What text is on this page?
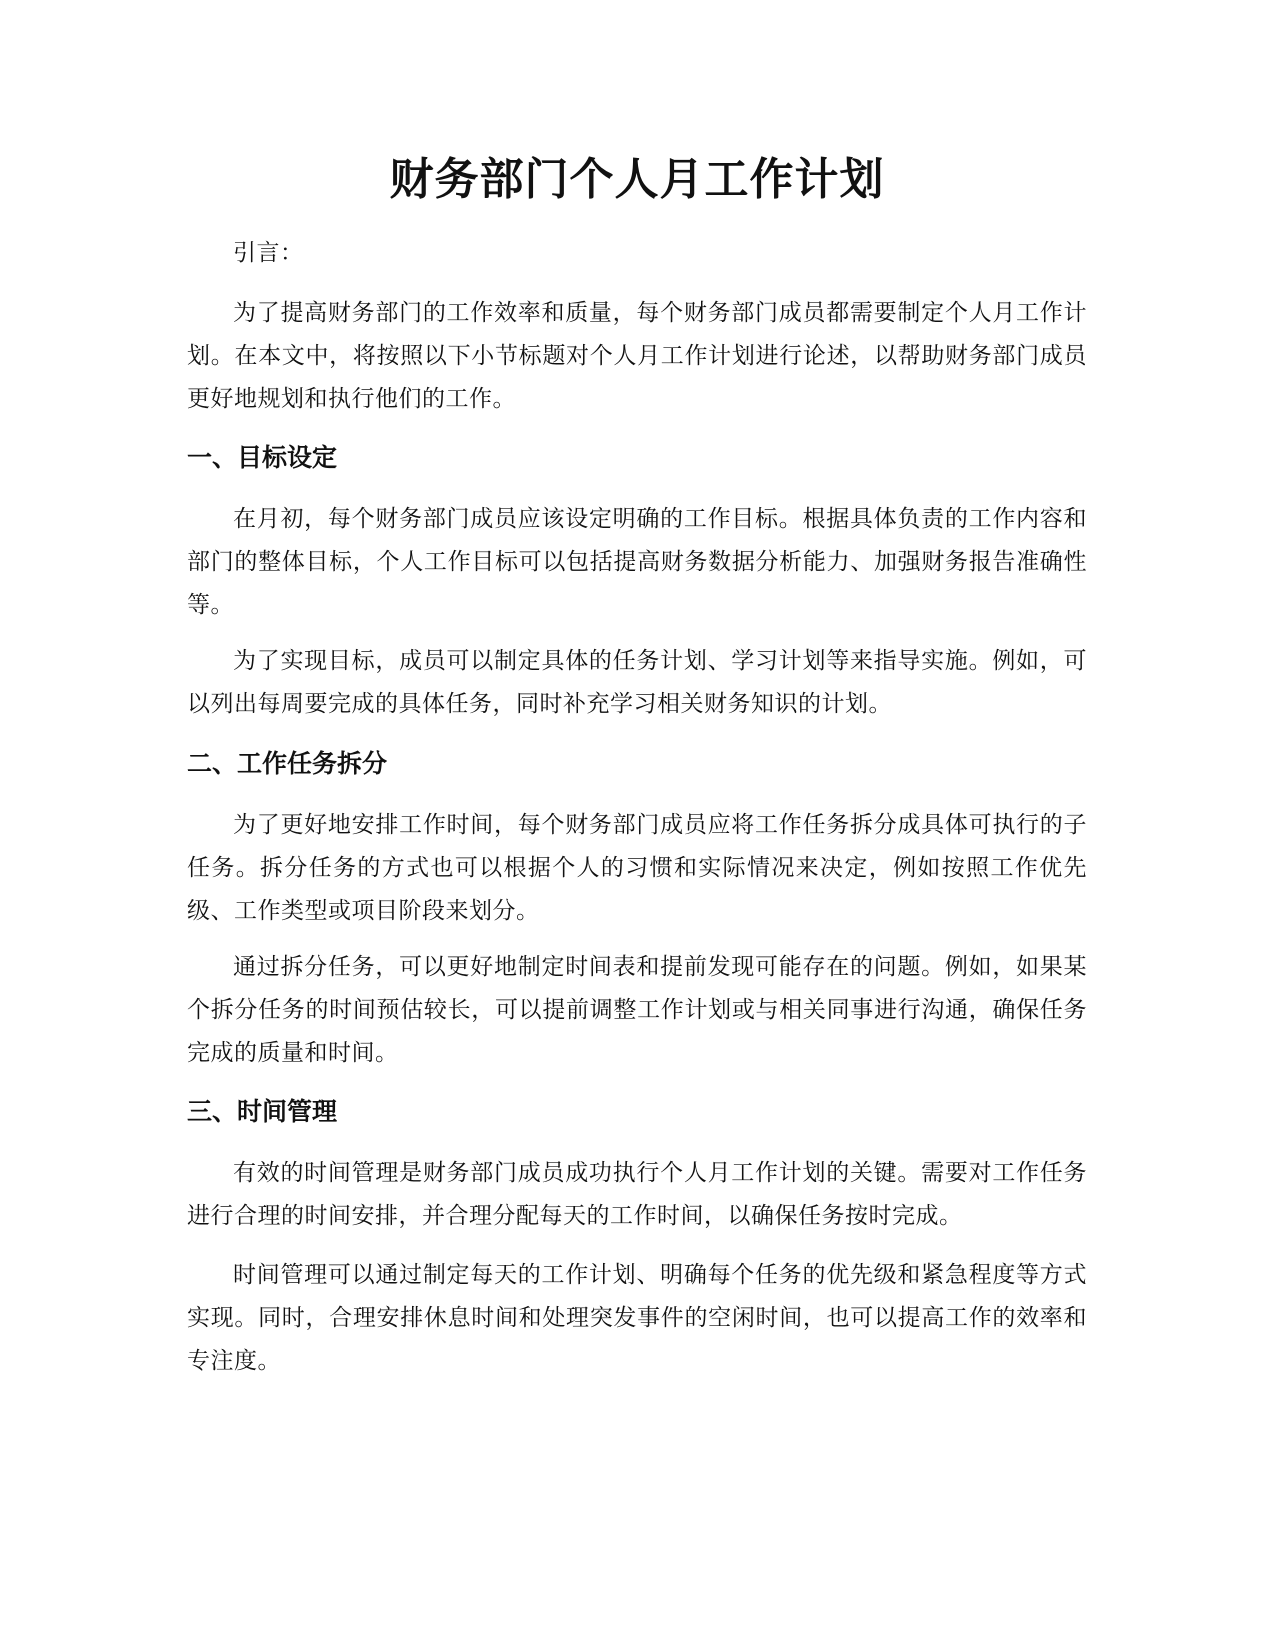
财务部门个人月工作计划

引言：

为了提高财务部门的工作效率和质量，每个财务部门成员都需要制定个人月工作计划。在本文中，将按照以下小节标题对个人月工作计划进行论述，以帮助财务部门成员更好地规划和执行他们的工作。

一、目标设定

在月初，每个财务部门成员应该设定明确的工作目标。根据具体负责的工作内容和部门的整体目标，个人工作目标可以包括提高财务数据分析能力、加强财务报告准确性等。

为了实现目标，成员可以制定具体的任务计划、学习计划等来指导实施。例如，可以列出每周要完成的具体任务，同时补充学习相关财务知识的计划。

二、工作任务拆分

为了更好地安排工作时间，每个财务部门成员应将工作任务拆分成具体可执行的子任务。拆分任务的方式也可以根据个人的习惯和实际情况来决定，例如按照工作优先级、工作类型或项目阶段来划分。

通过拆分任务，可以更好地制定时间表和提前发现可能存在的问题。例如，如果某个拆分任务的时间预估较长，可以提前调整工作计划或与相关同事进行沟通，确保任务完成的质量和时间。

三、时间管理

有效的时间管理是财务部门成员成功执行个人月工作计划的关键。需要对工作任务进行合理的时间安排，并合理分配每天的工作时间，以确保任务按时完成。

时间管理可以通过制定每天的工作计划、明确每个任务的优先级和紧急程度等方式实现。同时，合理安排休息时间和处理突发事件的空闲时间，也可以提高工作的效率和专注度。
